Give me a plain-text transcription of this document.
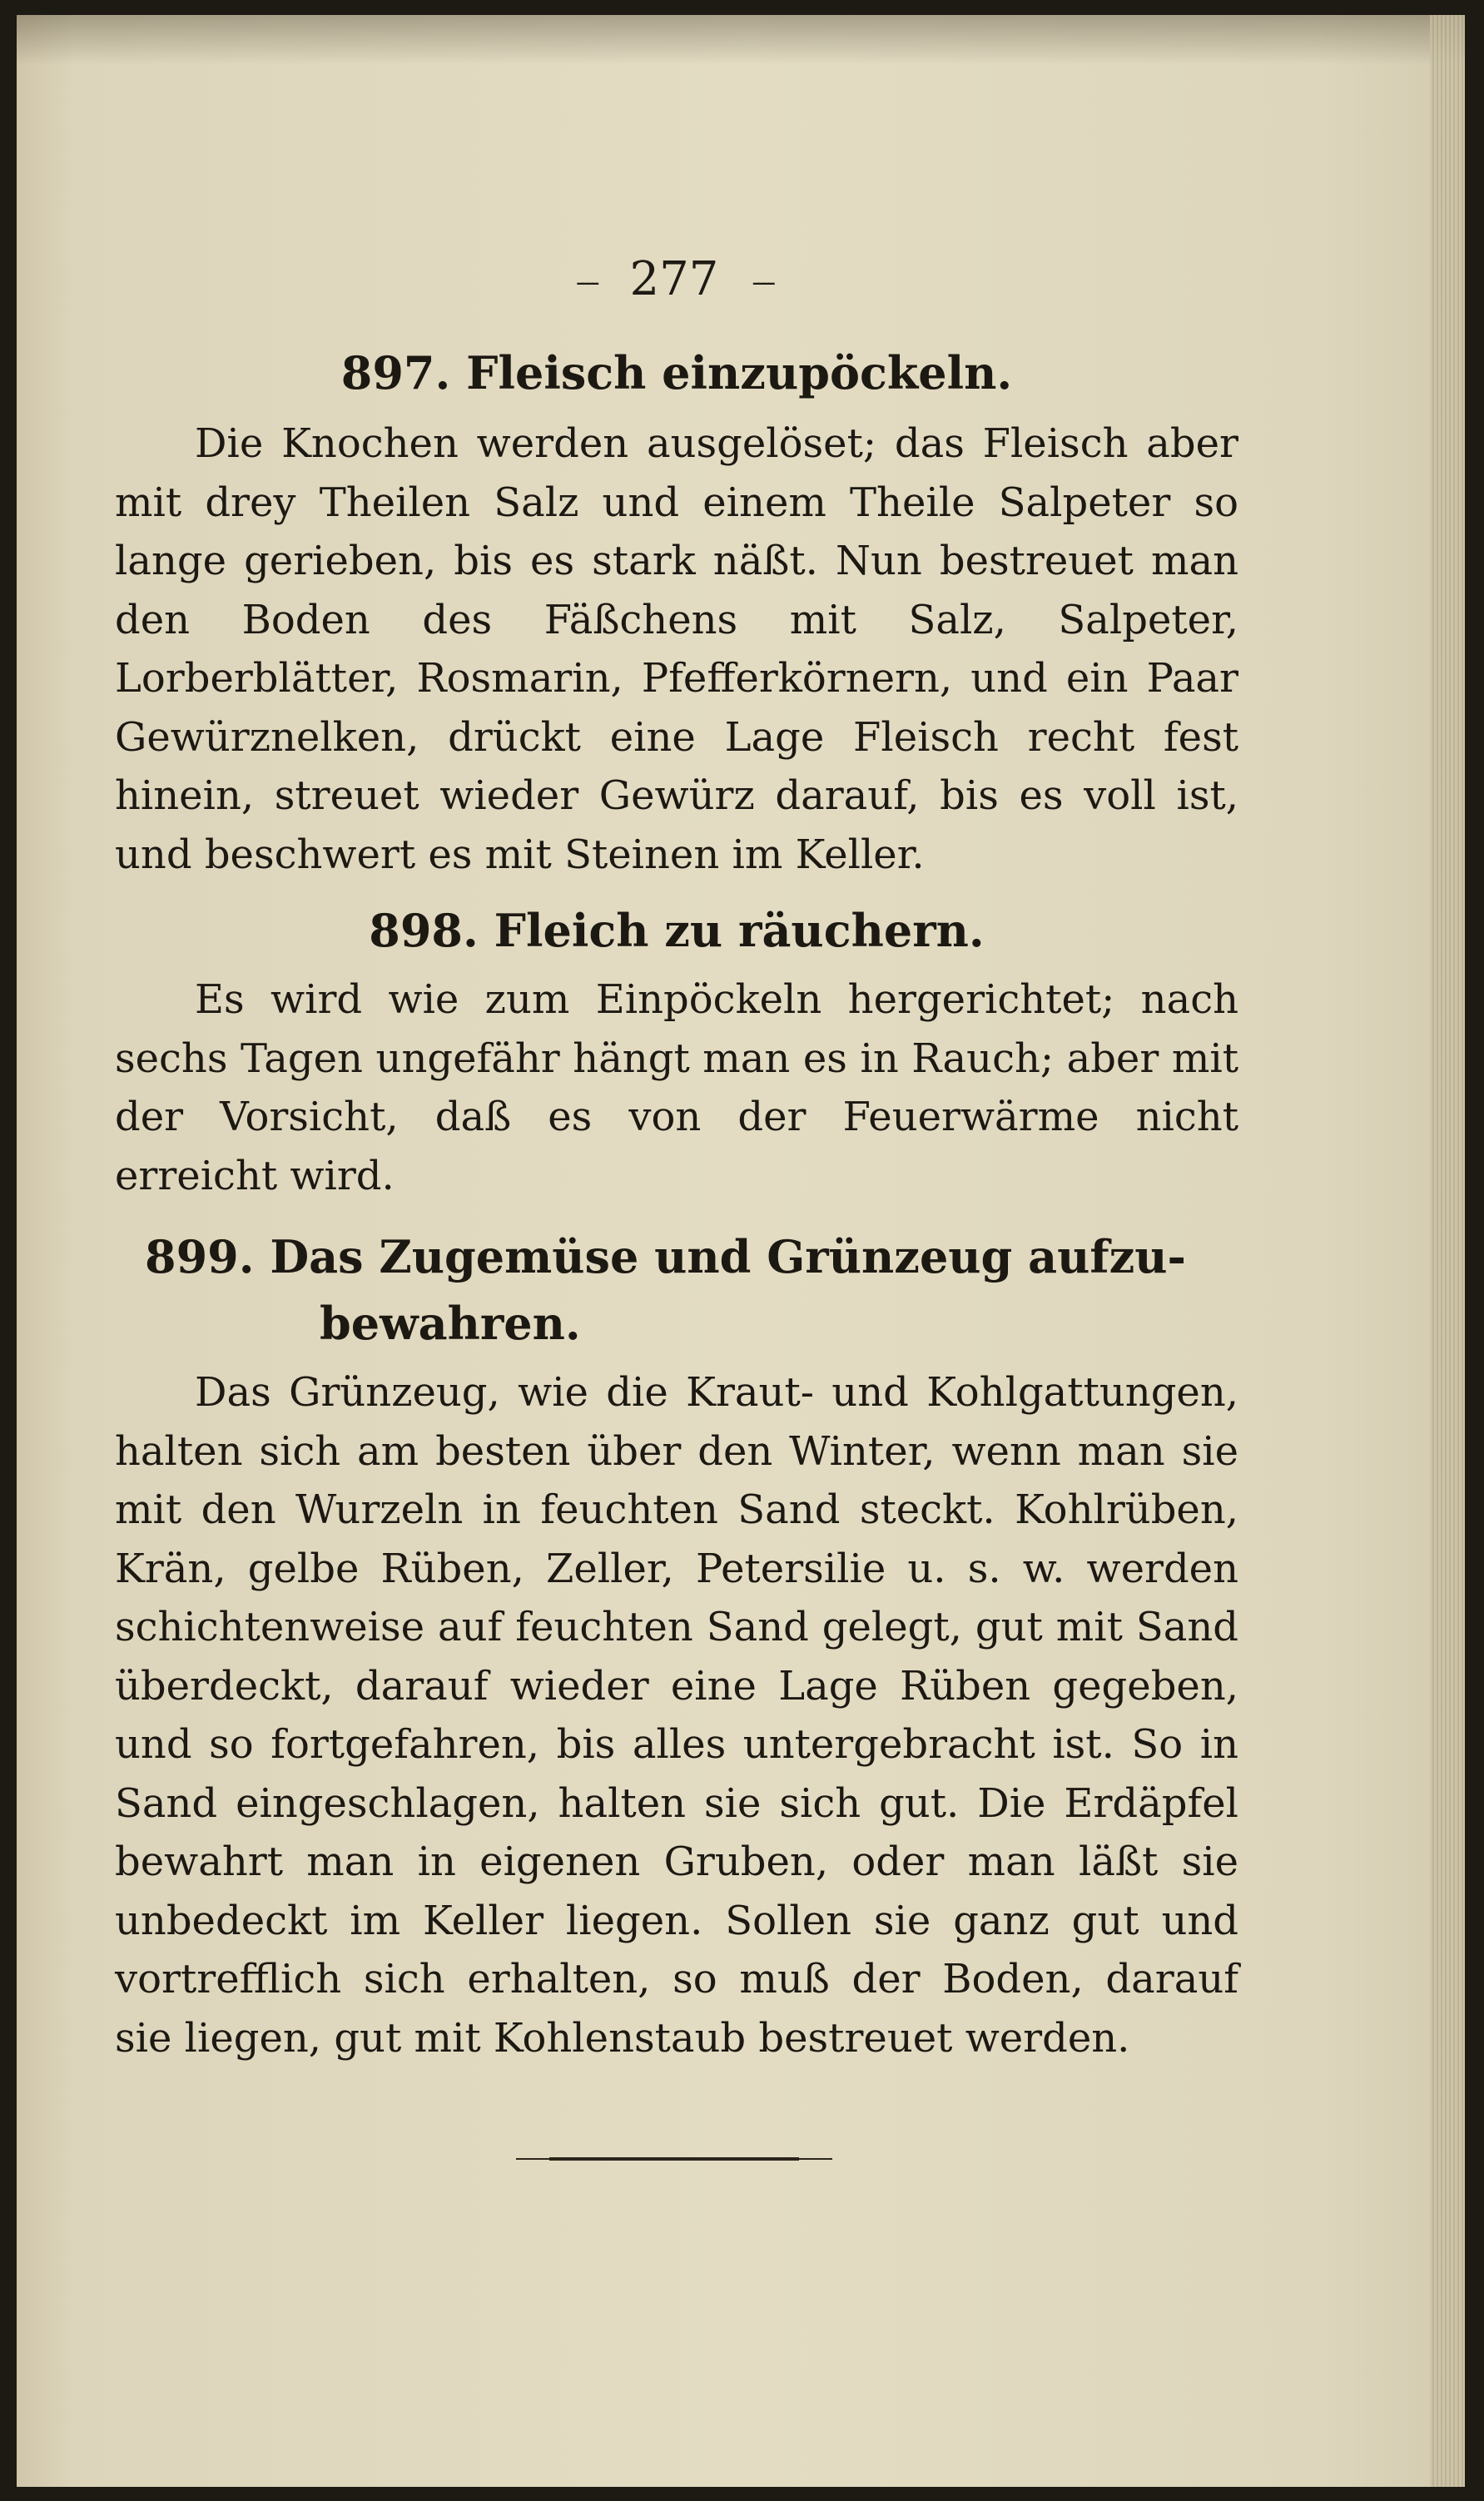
---- 277 ----
897. Fleisch einzupöckeln.

Die Knochen werden ausgelöset; das Fleisch aber mit drey Theilen Salz und einem Theile Salpeter so lange gerieben, bis es stark näßt. Nun bestreuet man den Boden des Fäßchens mit Salz, Salpeter, Lorberblätter, Rosmarin, Pfefferkörnern, und ein Paar Gewürznelken, drückt eine Lage Fleisch recht fest hinein, streuet wieder Gewürz darauf, bis es voll ist, und beschwert es mit Steinen im Keller.

898. Fleich zu räuchern.

Es wird wie zum Einpöckeln hergerichtet; nach sechs Tagen ungefähr hängt man es in Rauch; aber mit der Vorsicht, daß es von der Feuerwärme nicht erreicht wird.

899. Das Zugemüse und Grünzeug aufzu-
bewahren.

Das Grünzeug, wie die Kraut- und Kohlgattungen, halten sich am besten über den Winter, wenn man sie mit den Wurzeln in feuchten Sand steckt. Kohlrüben, Krän, gelbe Rüben, Zeller, Petersilie u. s. w. werden schichtenweise auf feuchten Sand gelegt, gut mit Sand überdeckt, darauf wieder eine Lage Rüben gegeben, und so fortgefahren, bis alles untergebracht ist. So in Sand eingeschlagen, halten sie sich gut. Die Erdäpfel bewahrt man in eigenen Gruben, oder man läßt sie unbedeckt im Keller liegen. Sollen sie ganz gut und vortrefflich sich erhalten, so muß der Boden, darauf sie liegen, gut mit Kohlenstaub bestreuet werden.
